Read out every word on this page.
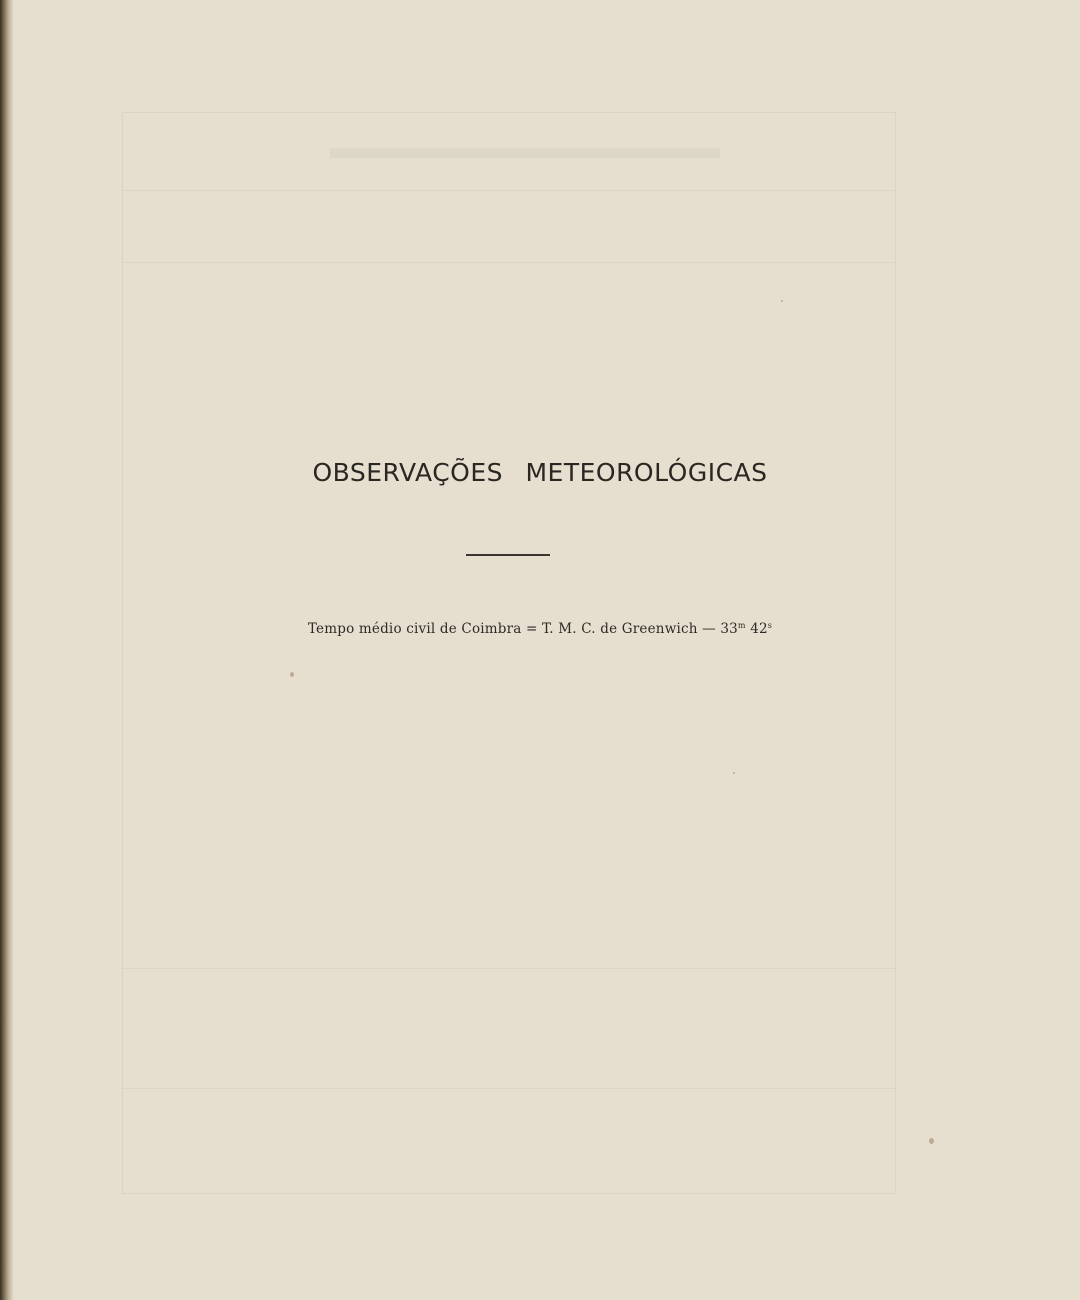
OBSERVAÇÕES METEOROLÓGICAS
Tempo médio civil de Coimbra = T. M. C. de Greenwich — 33$^m$ 42$^s$
